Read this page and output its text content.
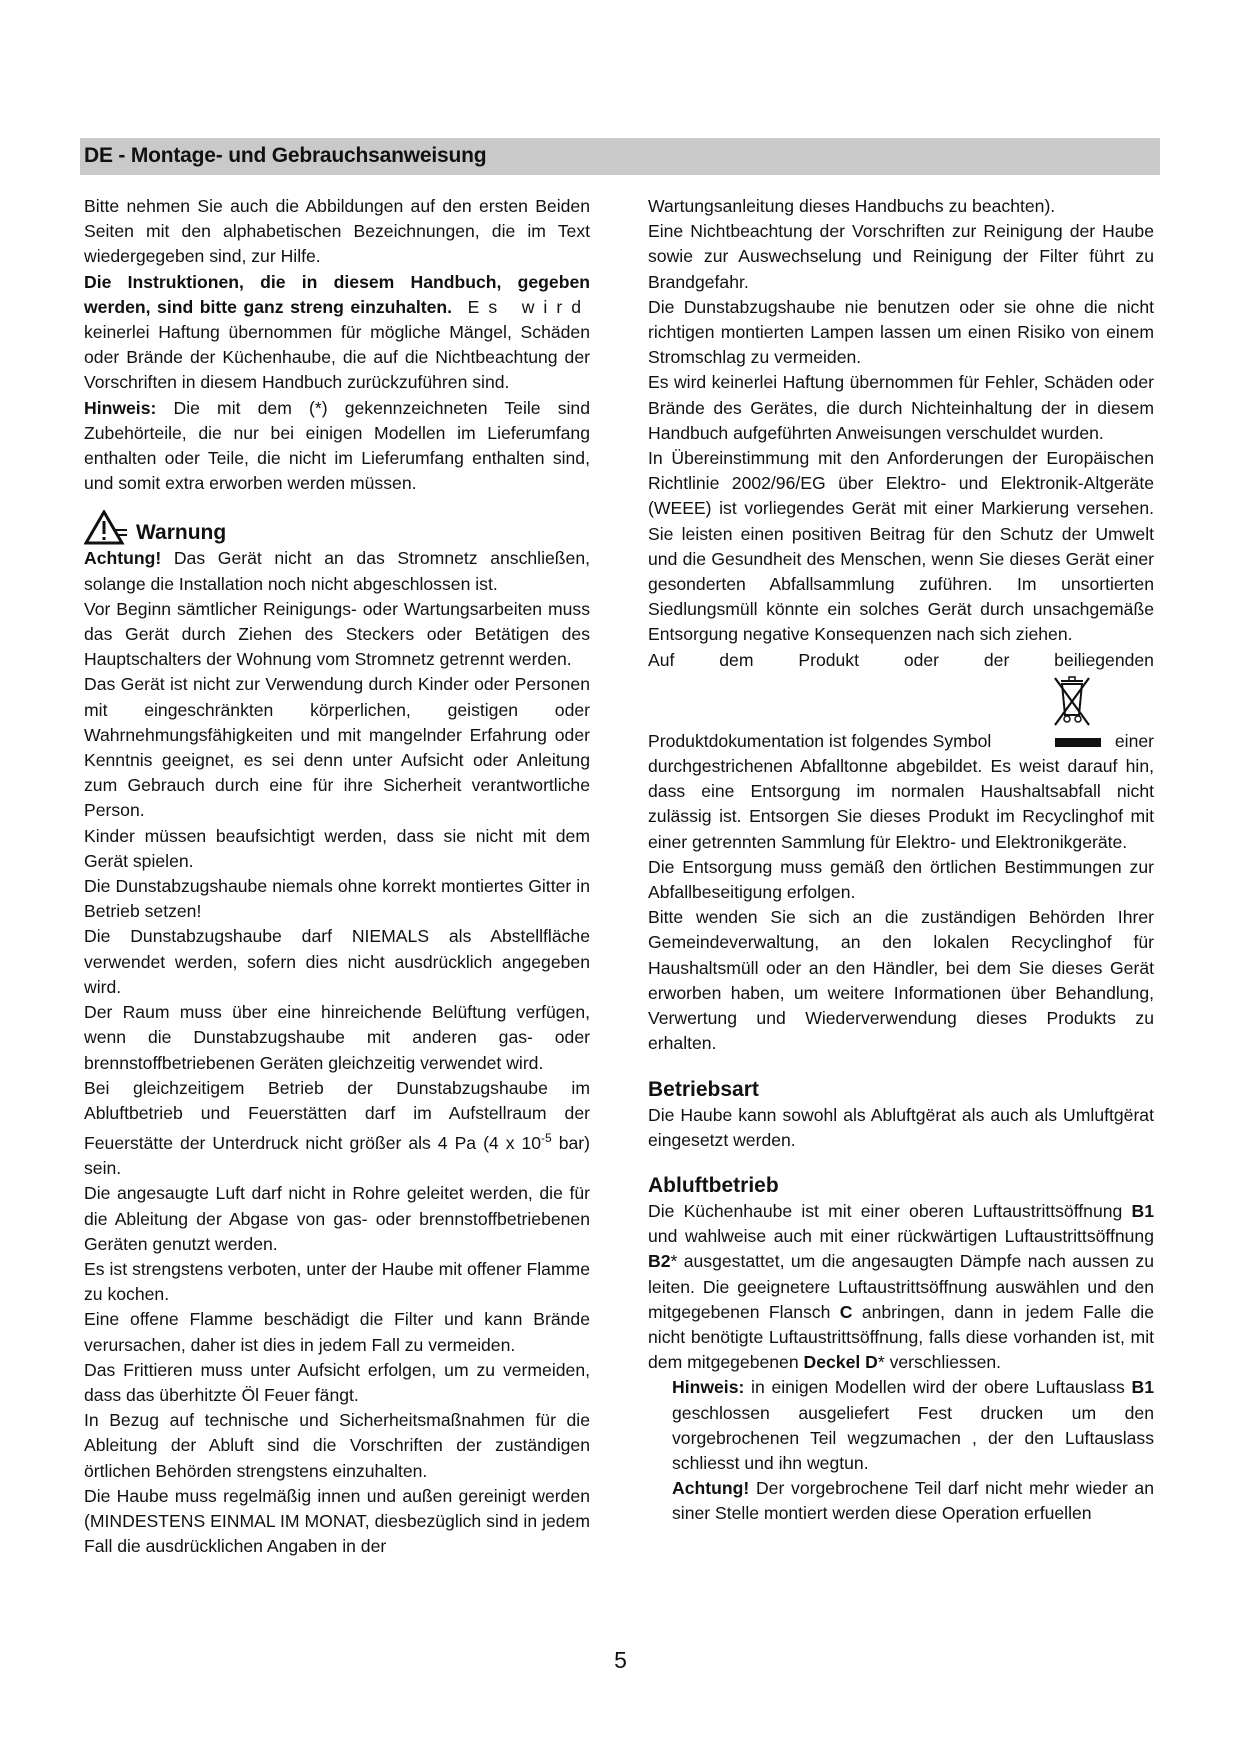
DE - Montage- und Gebrauchsanweisung

Bitte nehmen Sie auch die Abbildungen auf den ersten Beiden Seiten mit den alphabetischen Bezeichnungen, die im Text wiedergegeben sind, zur Hilfe.

Die Instruktionen, die in diesem Handbuch, gegeben werden, sind bitte ganz streng einzuhalten. Es wird keinerlei Haftung übernommen für mögliche Mängel, Schäden oder Brände der Küchenhaube, die auf die Nichtbeachtung der Vorschriften in diesem Handbuch zurückzuführen sind.

Hinweis: Die mit dem (*) gekennzeichneten Teile sind Zubehörteile, die nur bei einigen Modellen im Lieferumfang enthalten oder Teile, die nicht im Lieferumfang enthalten sind, und somit extra erworben werden müssen.

Warnung

Achtung! Das Gerät nicht an das Stromnetz anschließen, solange die Installation noch nicht abgeschlossen ist.

Vor Beginn sämtlicher Reinigungs- oder Wartungsarbeiten muss das Gerät durch Ziehen des Steckers oder Betätigen des Hauptschalters der Wohnung vom Stromnetz getrennt werden.

Das Gerät ist nicht zur Verwendung durch Kinder oder Personen mit eingeschränkten körperlichen, geistigen oder Wahrnehmungsfähigkeiten und mit mangelnder Erfahrung oder Kenntnis geeignet, es sei denn unter Aufsicht oder Anleitung zum Gebrauch durch eine für ihre Sicherheit verantwortliche Person.

Kinder müssen beaufsichtigt werden, dass sie nicht mit dem Gerät spielen.

Die Dunstabzugshaube niemals ohne korrekt montiertes Gitter in Betrieb setzen!

Die Dunstabzugshaube darf NIEMALS als Abstellfläche verwendet werden, sofern dies nicht ausdrücklich angegeben wird.

Der Raum muss über eine hinreichende Belüftung verfügen, wenn die Dunstabzugshaube mit anderen gas- oder brennstoffbetriebenen Geräten gleichzeitig verwendet wird.

Bei gleichzeitigem Betrieb der Dunstabzugshaube im Abluftbetrieb und Feuerstätten darf im Aufstellraum der Feuerstätte der Unterdruck nicht größer als 4 Pa (4 x $10^{-5}$ bar) sein.

Die angesaugte Luft darf nicht in Rohre geleitet werden, die für die Ableitung der Abgase von gas- oder brennstoffbetriebenen Geräten genutzt werden.

Es ist strengstens verboten, unter der Haube mit offener Flamme zu kochen.

Eine offene Flamme beschädigt die Filter und kann Brände verursachen, daher ist dies in jedem Fall zu vermeiden.

Das Frittieren muss unter Aufsicht erfolgen, um zu vermeiden, dass das überhitzte Öl Feuer fängt.

In Bezug auf technische und Sicherheitsmaßnahmen für die Ableitung der Abluft sind die Vorschriften der zuständigen örtlichen Behörden strengstens einzuhalten.

Die Haube muss regelmäßig innen und außen gereinigt werden (MINDESTENS EINMAL IM MONAT, diesbezüglich sind in jedem Fall die ausdrücklichen Angaben in der

Wartungsanleitung dieses Handbuchs zu beachten).

Eine Nichtbeachtung der Vorschriften zur Reinigung der Haube sowie zur Auswechselung und Reinigung der Filter führt zu Brandgefahr.

Die Dunstabzugshaube nie benutzen oder sie ohne die nicht richtigen montierten Lampen lassen um einen Risiko von einem Stromschlag zu vermeiden.

Es wird keinerlei Haftung übernommen für Fehler, Schäden oder Brände des Gerätes, die durch Nichteinhaltung der in diesem Handbuch aufgeführten Anweisungen verschuldet wurden.

In Übereinstimmung mit den Anforderungen der Europäischen Richtlinie 2002/96/EG über Elektro- und Elektronik-Altgeräte (WEEE) ist vorliegendes Gerät mit einer Markierung versehen. Sie leisten einen positiven Beitrag für den Schutz der Umwelt und die Gesundheit des Menschen, wenn Sie dieses Gerät einer gesonderten Abfallsammlung zuführen. Im unsortierten Siedlungsmüll könnte ein solches Gerät durch unsachgemäße Entsorgung negative Konsequenzen nach sich ziehen.

Auf	dem	Produkt	oder	der	beiliegenden
Produktdokumentation ist folgendes Symbol	einer

durchgestrichenen Abfalltonne abgebildet. Es weist darauf hin, dass eine Entsorgung im normalen Haushaltsabfall nicht zulässig ist. Entsorgen Sie dieses Produkt im Recyclinghof mit einer getrennten Sammlung für Elektro- und Elektronikgeräte.

Die Entsorgung muss gemäß den örtlichen Bestimmungen zur Abfallbeseitigung erfolgen.

Bitte wenden Sie sich an die zuständigen Behörden Ihrer Gemeindeverwaltung, an den lokalen Recyclinghof für Haushaltsmüll oder an den Händler, bei dem Sie dieses Gerät erworben haben, um weitere Informationen über Behandlung, Verwertung und Wiederverwendung dieses Produkts zu erhalten.

Betriebsart

Die Haube kann sowohl als Abluftgërat als auch als Umluftgërat eingesetzt werden.

Abluftbetrieb

Die Küchenhaube ist mit einer oberen Luftaustrittsöffnung B1 und wahlweise auch mit einer rückwärtigen Luftaustrittsöffnung B2* ausgestattet, um die angesaugten Dämpfe nach aussen zu leiten. Die geeignetere Luftaustrittsöffnung auswählen und den mitgegebenen Flansch C anbringen, dann in jedem Falle die nicht benötigte Luftaustrittsöffnung, falls diese vorhanden ist, mit dem mitgegebenen Deckel D* verschliessen.

Hinweis: in einigen Modellen wird der obere Luftauslass B1 geschlossen ausgeliefert Fest drucken um den vorgebrochenen Teil wegzumachen , der den Luftauslass schliesst und ihn wegtun.

Achtung! Der vorgebrochene Teil darf nicht mehr wieder an siner Stelle montiert werden diese Operation erfuellen

5
